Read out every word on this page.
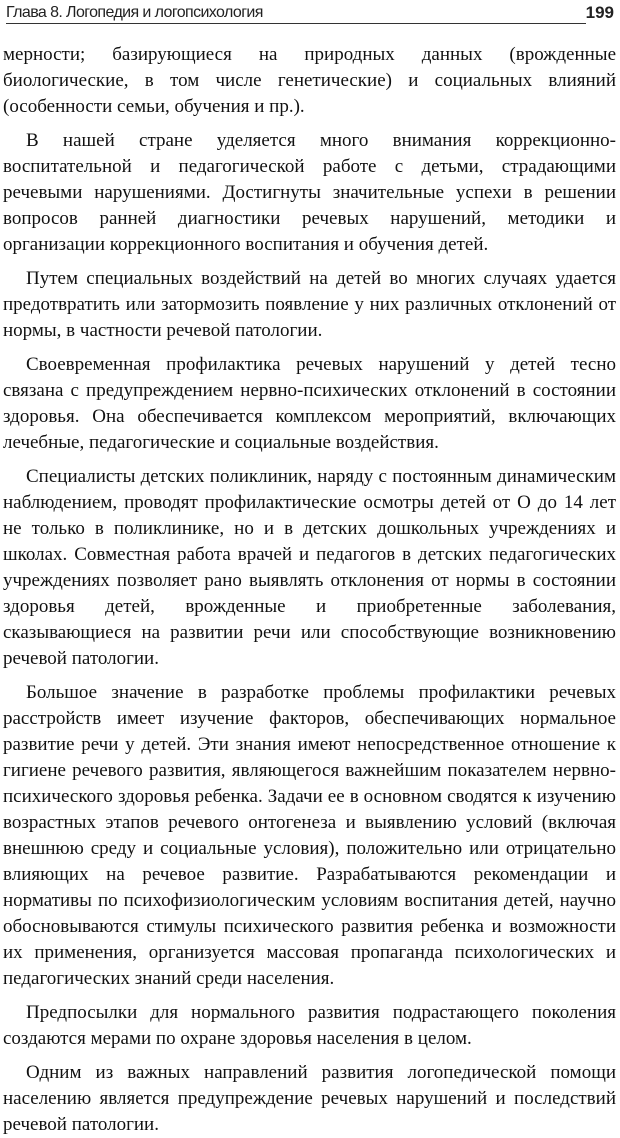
Глава 8. Логопедия и логопсихология	199

мерности; базирующиеся на природных данных (врожденные биологические, в том числе генетические) и социальных влияний (особенности семьи, обучения и пр.).

В нашей стране уделяется много внимания коррекционно-воспитательной и педагогической работе с детьми, страдающими речевыми нарушениями. Достигнуты значительные успехи в решении вопросов ранней диагностики речевых нарушений, методики и организации коррекционного воспитания и обучения детей.

Путем специальных воздействий на детей во многих случаях удается предотвратить или затормозить появление у них различных отклонений от нормы, в частности речевой патологии.

Своевременная профилактика речевых нарушений у детей тесно связана с предупреждением нервно-психических отклонений в состоянии здоровья. Она обеспечивается комплексом мероприятий, включающих лечебные, педагогические и социальные воздействия.

Специалисты детских поликлиник, наряду с постоянным динамическим наблюдением, проводят профилактические осмотры детей от О до 14 лет не только в поликлинике, но и в детских дошкольных учреждениях и школах. Совместная работа врачей и педагогов в детских педагогических учреждениях позволяет рано выявлять отклонения от нормы в состоянии здоровья детей, врожденные и приобретенные заболевания, сказывающиеся на развитии речи или способствующие возникновению речевой патологии.

Большое значение в разработке проблемы профилактики речевых расстройств имеет изучение факторов, обеспечивающих нормальное развитие речи у детей. Эти знания имеют непосредственное отношение к гигиене речевого развития, являющегося важнейшим показателем нервно-психического здоровья ребенка. Задачи ее в основном сводятся к изучению возрастных этапов речевого онтогенеза и выявлению условий (включая внешнюю среду и социальные условия), положительно или отрицательно влияющих на речевое развитие. Разрабатываются рекомендации и нормативы по психофизиологическим условиям воспитания детей, научно обосновываются стимулы психического развития ребенка и возможности их применения, организуется массовая пропаганда психологических и педагогических знаний среди населения.

Предпосылки для нормального развития подрастающего поколения создаются мерами по охране здоровья населения в целом.

Одним из важных направлений развития логопедической помощи населению является предупреждение речевых нарушений и последствий речевой патологии.
